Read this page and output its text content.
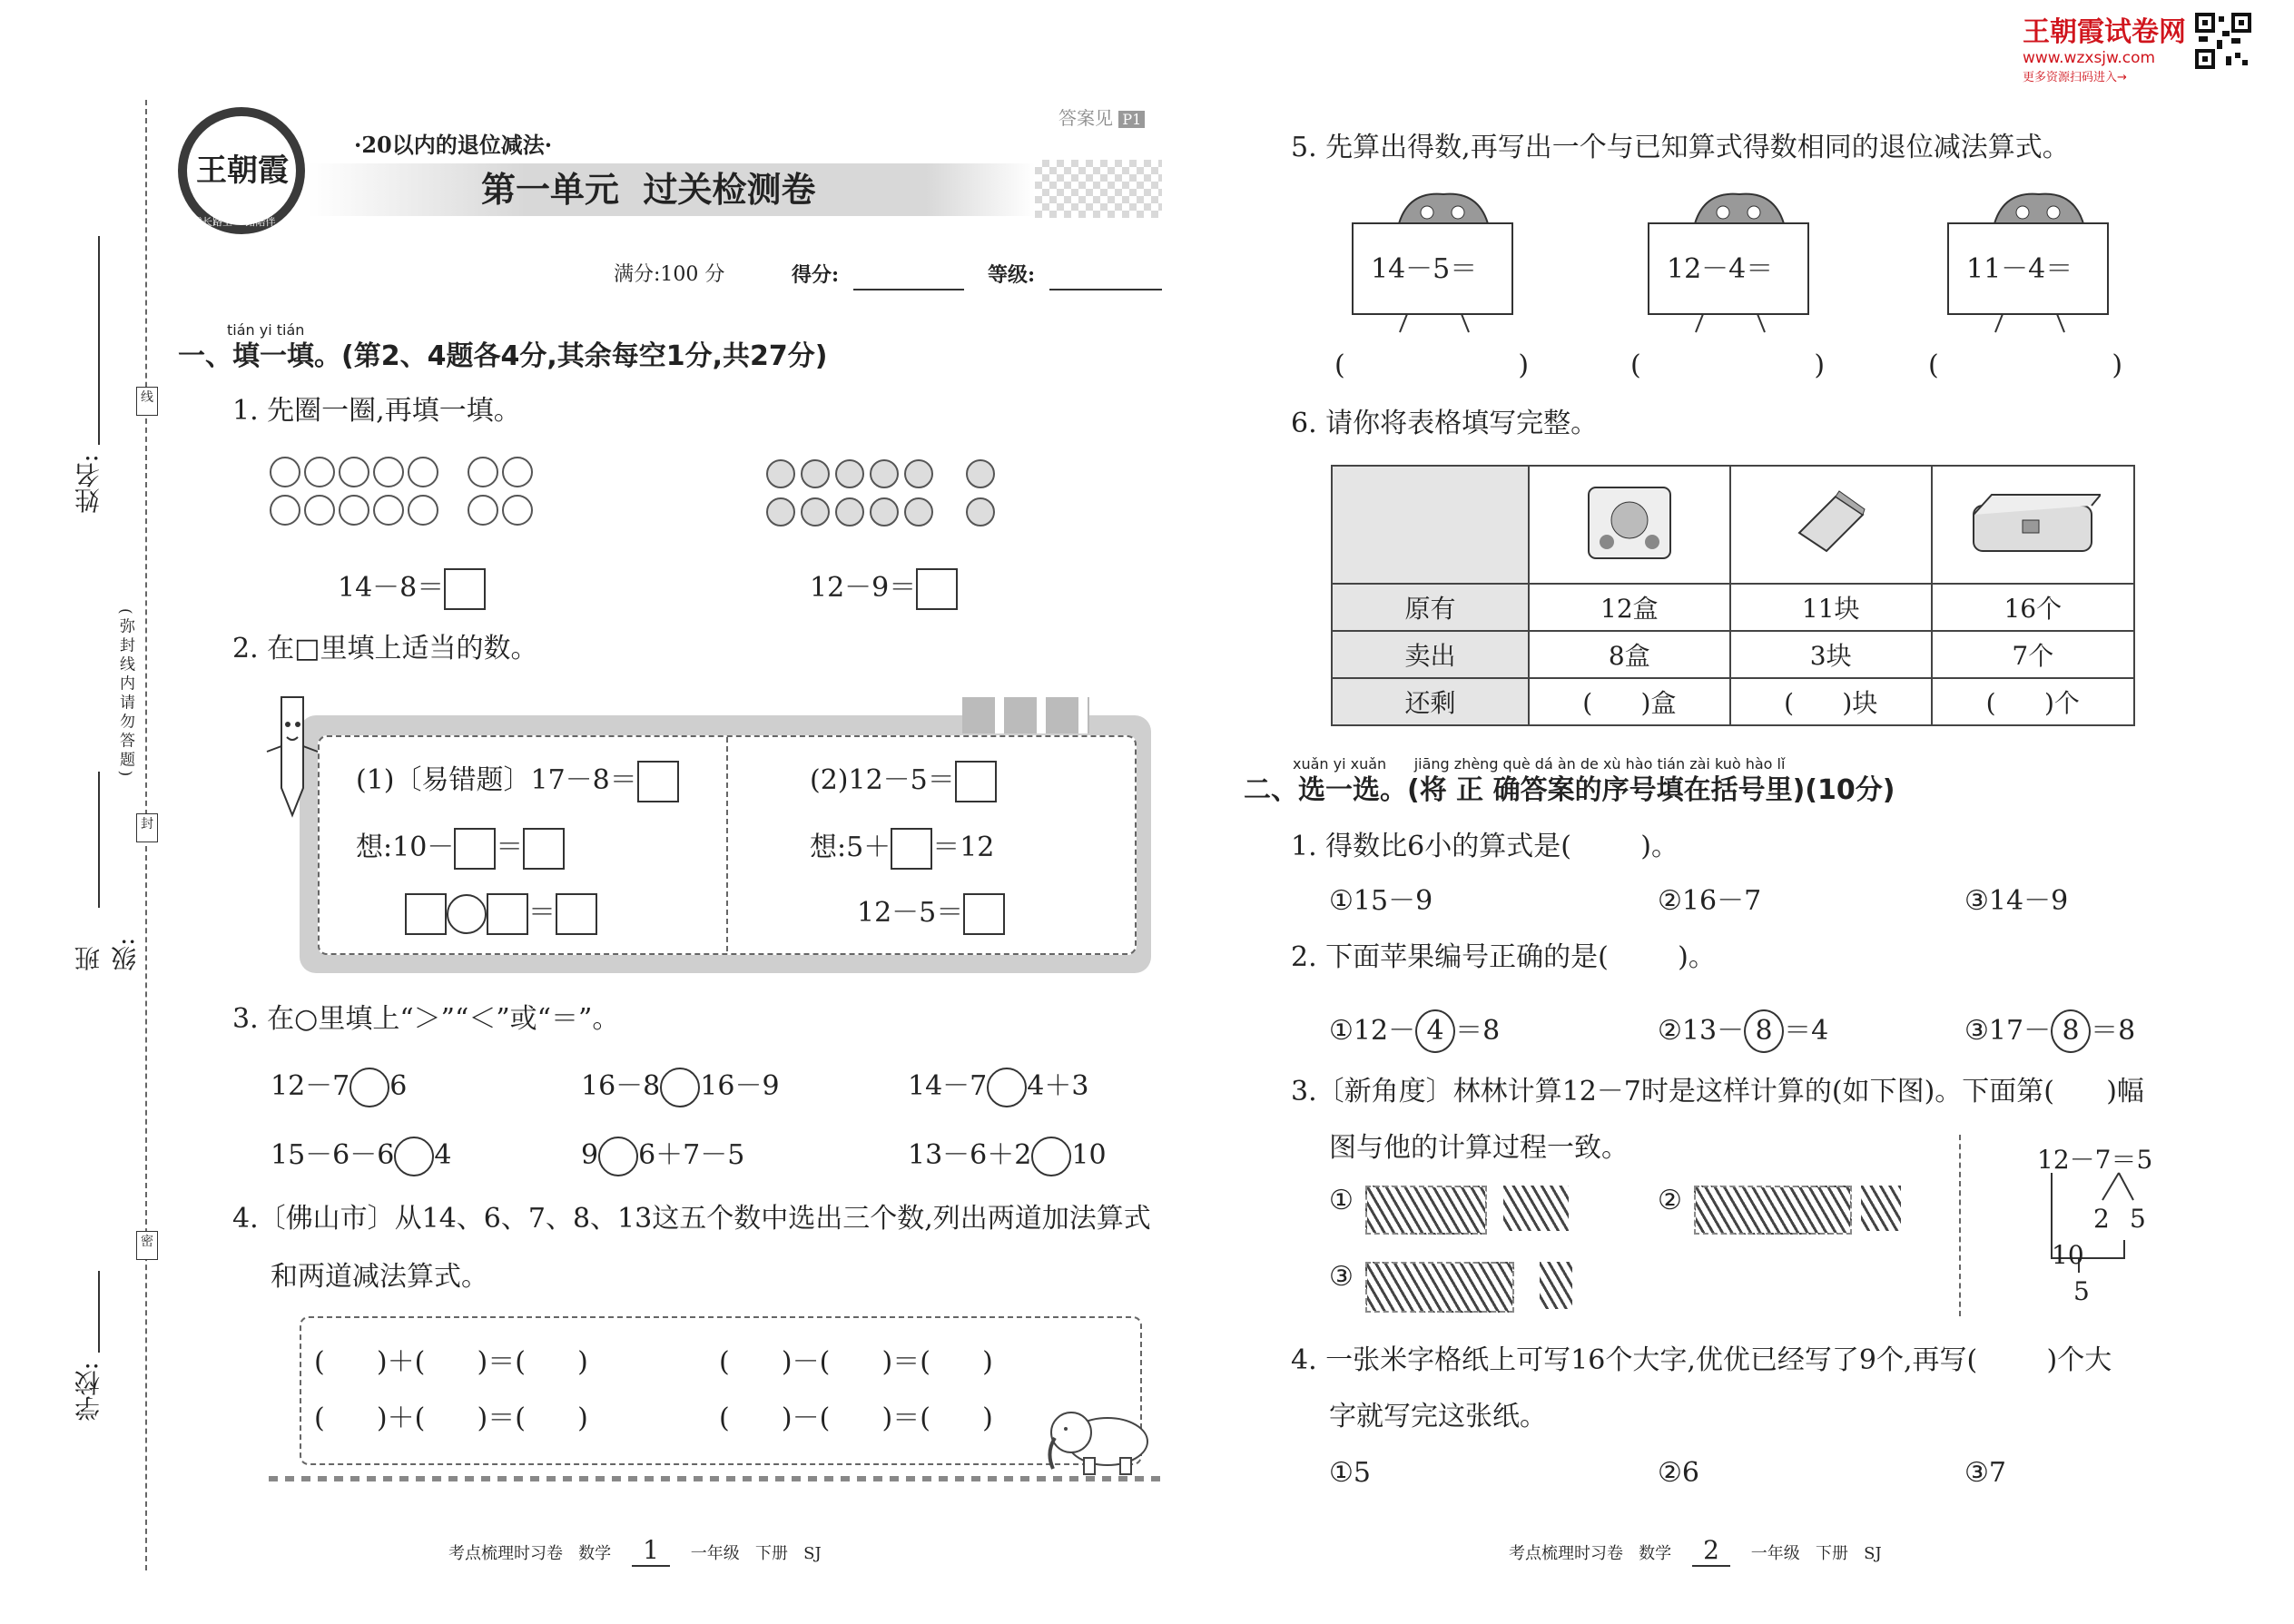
王朝霞试卷网
www.wzxsjw.com
更多资源扫码进入→
姓名:
班级:
学校:
(弥封线内请勿答题)
线
封
密
王朝霞
成长路上 一路陪伴
·20以内的退位减法·
第一单元  过关检测卷
答案见 P1
满分:100 分	得分:	等级:
tián yi tián
一、填一填。(第2、4题各4分,其余每空1分,共27分)
1. 先圈一圈,再填一填。
14－8＝	12－9＝
2. 在□里填上适当的数。
(1)〔易错题〕17－8＝
想:10－ ＝
＝
(2)12－5＝
想:5＋ ＝12
12－5＝
3. 在○里填上“＞”“＜”或“＝”。
12－7 6	16－8 16－9	14－7 4＋3
15－6－6 4	9 6＋7－5	13－6＋2 10
4.〔佛山市〕从14、6、7、8、13这五个数中选出三个数,列出两道加法算式
和两道减法算式。
(      )＋(      )＝(      )	(      )－(      )＝(      )
(      )＋(      )＝(      )	(      )－(      )＝(      )
考点梳理时习卷 数学 1 一年级 下册 SJ
5. 先算出得数,再写出一个与已知算式得数相同的退位减法算式。
14－5＝	12－4＝	11－4＝
(                    )	(                    )	(                    )
6. 请你将表格填写完整。

原有	12盒	11块	16个
卖出	8盒	3块	7个
还剩	(      )盒	(      )块	(      )个
xuǎn yi xuǎn      jiāng zhèng què dá àn de xù hào tián zài kuò hào lǐ
二、选一选。(将 正 确答案的序号填在括号里)(10分)
1. 得数比6小的算式是(        )。
①15－9	②16－7	③14－9
2. 下面苹果编号正确的是(        )。
①12－ 4 ＝8	②13－ 8 ＝4	③17－ 8 ＝8
3.〔新角度〕林林计算12－7时是这样计算的(如下图)。下面第(      )幅
图与他的计算过程一致。
①	②
③
12－7＝5
2 5
10
5
4. 一张米字格纸上可写16个大字,优优已经写了9个,再写(        )个大
字就写完这张纸。
①5	②6	③7
考点梳理时习卷 数学 2 一年级 下册 SJ
